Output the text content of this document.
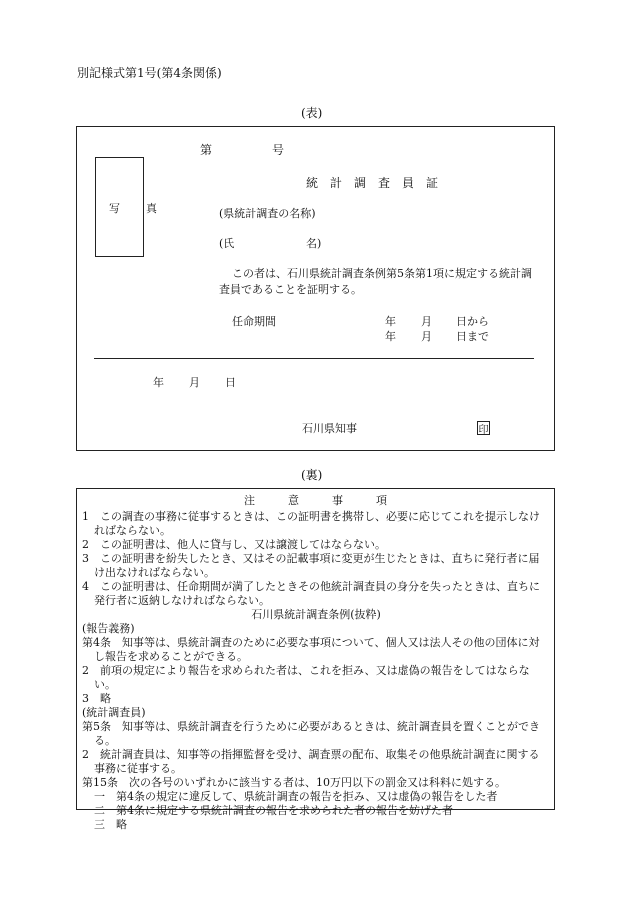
別記様式第1号(第4条関係)
(表)
第	号
統　計　調　査　員　証
写 真	(県統計調査の名称)
(氏	名)
この者は、石川県統計調査条例第5条第1項に規定する統計調
査員であることを証明する。
任命期間	年 月 日から
年 月 日まで
年 月 日
石川県知事	印
(裏)
注　　　意　　　事　　　項

1　この調査の事務に従事するときは、この証明書を携帯し、必要に応じてこれを提示しなければならない。

2　この証明書は、他人に貸与し、又は譲渡してはならない。

3　この証明書を紛失したとき、又はその記載事項に変更が生じたときは、直ちに発行者に届け出なければならない。

4　この証明書は、任命期間が満了したときその他統計調査員の身分を失ったときは、直ちに発行者に返納しなければならない。

石川県統計調査条例(抜粋)

(報告義務)

第4条　知事等は、県統計調査のために必要な事項について、個人又は法人その他の団体に対し報告を求めることができる。

2　前項の規定により報告を求められた者は、これを拒み、又は虚偽の報告をしてはならない。

3　略

(統計調査員)

第5条　知事等は、県統計調査を行うために必要があるときは、統計調査員を置くことができる。

2　統計調査員は、知事等の指揮監督を受け、調査票の配布、取集その他県統計調査に関する事務に従事する。

第15条　次の各号のいずれかに該当する者は、10万円以下の罰金又は科料に処する。

一　第4条の規定に違反して、県統計調査の報告を拒み、又は虚偽の報告をした者

二　第4条に規定する県統計調査の報告を求められた者の報告を妨げた者

三　略
